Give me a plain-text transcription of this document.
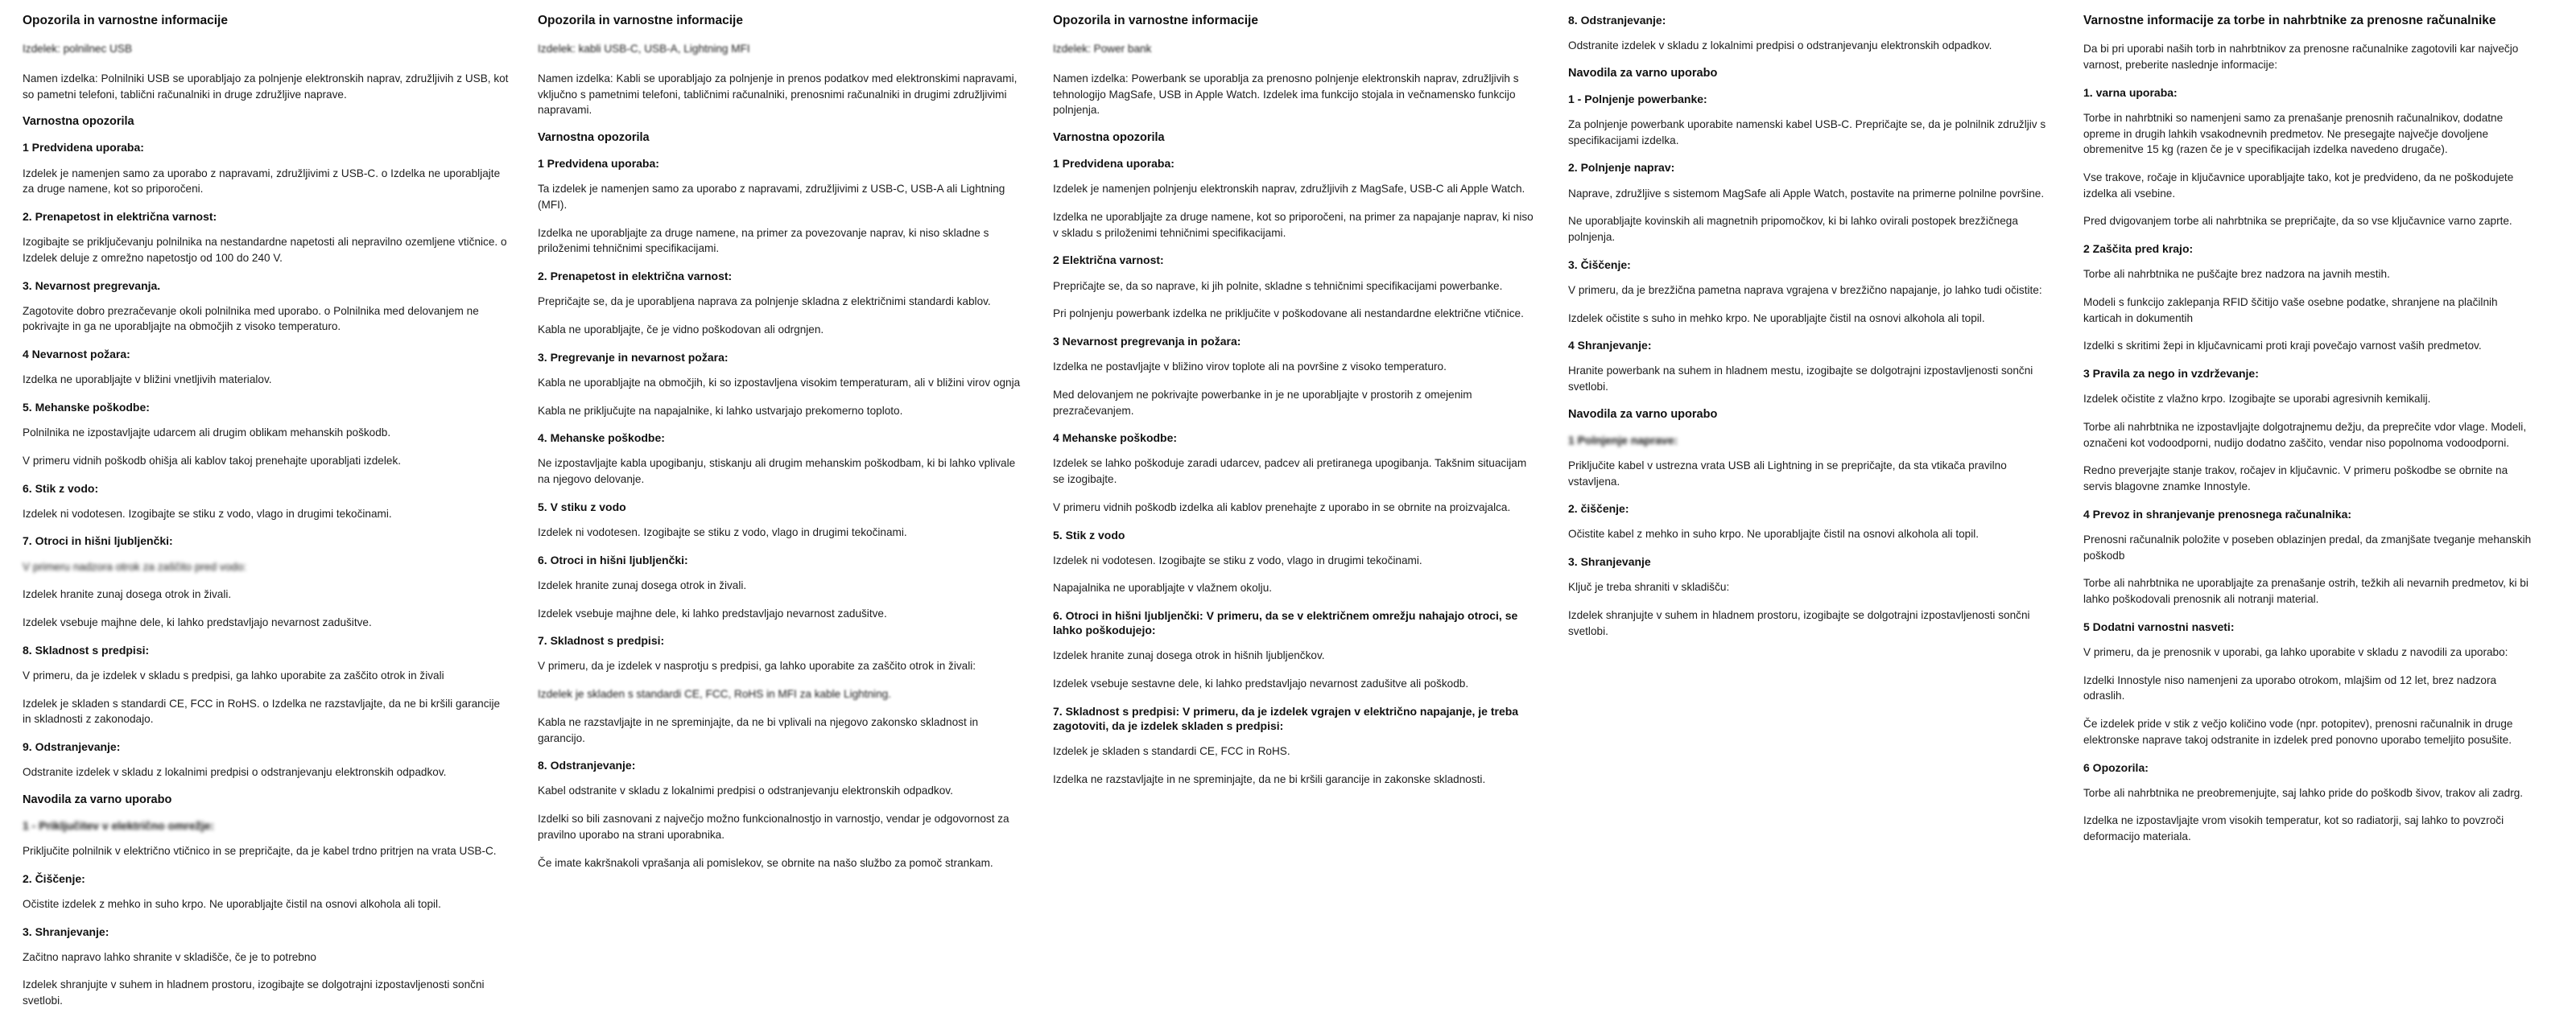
Opozorila in varnostne informacije

Izdelek: polnilnec USB

Namen izdelka: Polnilniki USB se uporabljajo za polnjenje elektronskih naprav, združljivih z USB, kot so pametni telefoni, tablični računalniki in druge združljive naprave.

Varnostna opozorila
1 Predvidena uporaba:

Izdelek je namenjen samo za uporabo z napravami, združljivimi z USB-C. o Izdelka ne uporabljajte za druge namene, kot so priporočeni.

2. Prenapetost in električna varnost:

Izogibajte se priključevanju polnilnika na nestandardne napetosti ali nepravilno ozemljene vtičnice. o Izdelek deluje z omrežno napetostjo od 100 do 240 V.

3. Nevarnost pregrevanja.

Zagotovite dobro prezračevanje okoli polnilnika med uporabo. o Polnilnika med delovanjem ne pokrivajte in ga ne uporabljajte na območjih z visoko temperaturo.

4 Nevarnost požara:

Izdelka ne uporabljajte v bližini vnetljivih materialov.

5. Mehanske poškodbe:

Polnilnika ne izpostavljajte udarcem ali drugim oblikam mehanskih poškodb.

V primeru vidnih poškodb ohišja ali kablov takoj prenehajte uporabljati izdelek.

6. Stik z vodo:

Izdelek ni vodotesen. Izogibajte se stiku z vodo, vlago in drugimi tekočinami.

7. Otroci in hišni ljubljenčki:

V primeru nadzora otrok za zaščito pred vodo:

Izdelek hranite zunaj dosega otrok in živali.

Izdelek vsebuje majhne dele, ki lahko predstavljajo nevarnost zadušitve.

8. Skladnost s predpisi:

V primeru, da je izdelek v skladu s predpisi, ga lahko uporabite za zaščito otrok in živali

Izdelek je skladen s standardi CE, FCC in RoHS. o Izdelka ne razstavljajte, da ne bi kršili garancije in skladnosti z zakonodajo.

9. Odstranjevanje:

Odstranite izdelek v skladu z lokalnimi predpisi o odstranjevanju elektronskih odpadkov.

Navodila za varno uporabo
1 - Priključitev v električno omrežje:

Priključite polnilnik v električno vtičnico in se prepričajte, da je kabel trdno pritrjen na vrata USB-C.

2. Čiščenje:

Očistite izdelek z mehko in suho krpo. Ne uporabljajte čistil na osnovi alkohola ali topil.

3. Shranjevanje:

Začitno napravo lahko shranite v skladišče, če je to potrebno

Izdelek shranjujte v suhem in hladnem prostoru, izogibajte se dolgotrajni izpostavljenosti sončni svetlobi.

Opozorila in varnostne informacije

Izdelek: kabli USB-C, USB-A, Lightning MFI

Namen izdelka: Kabli se uporabljajo za polnjenje in prenos podatkov med elektronskimi napravami, vključno s pametnimi telefoni, tabličnimi računalniki, prenosnimi računalniki in drugimi združljivimi napravami.

Varnostna opozorila
1 Predvidena uporaba:

Ta izdelek je namenjen samo za uporabo z napravami, združljivimi z USB-C, USB-A ali Lightning (MFI).

Izdelka ne uporabljajte za druge namene, na primer za povezovanje naprav, ki niso skladne s priloženimi tehničnimi specifikacijami.

2. Prenapetost in električna varnost:

Prepričajte se, da je uporabljena naprava za polnjenje skladna z električnimi standardi kablov.

Kabla ne uporabljajte, če je vidno poškodovan ali odrgnjen.

3. Pregrevanje in nevarnost požara:

Kabla ne uporabljajte na območjih, ki so izpostavljena visokim temperaturam, ali v bližini virov ognja

Kabla ne priključujte na napajalnike, ki lahko ustvarjajo prekomerno toploto.

4. Mehanske poškodbe:

Ne izpostavljajte kabla upogibanju, stiskanju ali drugim mehanskim poškodbam, ki bi lahko vplivale na njegovo delovanje.

5. V stiku z vodo

Izdelek ni vodotesen. Izogibajte se stiku z vodo, vlago in drugimi tekočinami.

6. Otroci in hišni ljubljenčki:

Izdelek hranite zunaj dosega otrok in živali.

Izdelek vsebuje majhne dele, ki lahko predstavljajo nevarnost zadušitve.

7. Skladnost s predpisi:

V primeru, da je izdelek v nasprotju s predpisi, ga lahko uporabite za zaščito otrok in živali:

Izdelek je skladen s standardi CE, FCC, RoHS in MFI za kable Lightning.

Kabla ne razstavljajte in ne spreminjajte, da ne bi vplivali na njegovo zakonsko skladnost in garancijo.

8. Odstranjevanje:

Kabel odstranite v skladu z lokalnimi predpisi o odstranjevanju elektronskih odpadkov.

Izdelki so bili zasnovani z največjo možno funkcionalnostjo in varnostjo, vendar je odgovornost za pravilno uporabo na strani uporabnika.

Če imate kakršnakoli vprašanja ali pomislekov, se obrnite na našo službo za pomoč strankam.

Opozorila in varnostne informacije

Izdelek: Power bank

Namen izdelka: Powerbank se uporablja za prenosno polnjenje elektronskih naprav, združljivih s tehnologijo MagSafe, USB in Apple Watch. Izdelek ima funkcijo stojala in večnamensko funkcijo polnjenja.

Varnostna opozorila
1 Predvidena uporaba:

Izdelek je namenjen polnjenju elektronskih naprav, združljivih z MagSafe, USB-C ali Apple Watch.

Izdelka ne uporabljajte za druge namene, kot so priporočeni, na primer za napajanje naprav, ki niso v skladu s priloženimi tehničnimi specifikacijami.

2 Električna varnost:

Prepričajte se, da so naprave, ki jih polnite, skladne s tehničnimi specifikacijami powerbanke.

Pri polnjenju powerbank izdelka ne priključite v poškodovane ali nestandardne električne vtičnice.

3 Nevarnost pregrevanja in požara:

Izdelka ne postavljajte v bližino virov toplote ali na površine z visoko temperaturo.

Med delovanjem ne pokrivajte powerbanke in je ne uporabljajte v prostorih z omejenim prezračevanjem.

4 Mehanske poškodbe:

Izdelek se lahko poškoduje zaradi udarcev, padcev ali pretiranega upogibanja. Takšnim situacijam se izogibajte.

V primeru vidnih poškodb izdelka ali kablov prenehajte z uporabo in se obrnite na proizvajalca.

5. Stik z vodo

Izdelek ni vodotesen. Izogibajte se stiku z vodo, vlago in drugimi tekočinami.

Napajalnika ne uporabljajte v vlažnem okolju.

6. Otroci in hišni ljubljenčki: V primeru, da se v električnem omrežju nahajajo otroci, se lahko poškodujejo:

Izdelek hranite zunaj dosega otrok in hišnih ljubljenčkov.

Izdelek vsebuje sestavne dele, ki lahko predstavljajo nevarnost zadušitve ali poškodb.

7. Skladnost s predpisi: V primeru, da je izdelek vgrajen v električno napajanje, je treba zagotoviti, da je izdelek skladen s predpisi:

Izdelek je skladen s standardi CE, FCC in RoHS.

Izdelka ne razstavljajte in ne spreminjajte, da ne bi kršili garancije in zakonske skladnosti.

8. Odstranjevanje:

Odstranite izdelek v skladu z lokalnimi predpisi o odstranjevanju elektronskih odpadkov.

Navodila za varno uporabo
1 - Polnjenje powerbanke:

Za polnjenje powerbank uporabite namenski kabel USB-C. Prepričajte se, da je polnilnik združljiv s specifikacijami izdelka.

2. Polnjenje naprav:

Naprave, združljive s sistemom MagSafe ali Apple Watch, postavite na primerne polnilne površine.

Ne uporabljajte kovinskih ali magnetnih pripomočkov, ki bi lahko ovirali postopek brezžičnega polnjenja.

3. Čiščenje:

V primeru, da je brezžična pametna naprava vgrajena v brezžično napajanje, jo lahko tudi očistite:

Izdelek očistite s suho in mehko krpo. Ne uporabljajte čistil na osnovi alkohola ali topil.

4 Shranjevanje:

Hranite powerbank na suhem in hladnem mestu, izogibajte se dolgotrajni izpostavljenosti sončni svetlobi.

Navodila za varno uporabo
1 Polnjenje naprave:

Priključite kabel v ustrezna vrata USB ali Lightning in se prepričajte, da sta vtikača pravilno vstavljena.

2. čiščenje:

Očistite kabel z mehko in suho krpo. Ne uporabljajte čistil na osnovi alkohola ali topil.

3. Shranjevanje

Ključ je treba shraniti v skladišču:

Izdelek shranjujte v suhem in hladnem prostoru, izogibajte se dolgotrajni izpostavljenosti sončni svetlobi.

Varnostne informacije za torbe in nahrbtnike za prenosne računalnike

Da bi pri uporabi naših torb in nahrbtnikov za prenosne računalnike zagotovili kar največjo varnost, preberite naslednje informacije:

1. varna uporaba:

Torbe in nahrbtniki so namenjeni samo za prenašanje prenosnih računalnikov, dodatne opreme in drugih lahkih vsakodnevnih predmetov. Ne presegajte največje dovoljene obremenitve 15 kg (razen če je v specifikacijah izdelka navedeno drugače).

Vse trakove, ročaje in ključavnice uporabljajte tako, kot je predvideno, da ne poškodujete izdelka ali vsebine.

Pred dvigovanjem torbe ali nahrbtnika se prepričajte, da so vse ključavnice varno zaprte.

2 Zaščita pred krajo:

Torbe ali nahrbtnika ne puščajte brez nadzora na javnih mestih.

Modeli s funkcijo zaklepanja RFID ščitijo vaše osebne podatke, shranjene na plačilnih karticah in dokumentih

Izdelki s skritimi žepi in ključavnicami proti kraji povečajo varnost vaših predmetov.

3 Pravila za nego in vzdrževanje:

Izdelek očistite z vlažno krpo. Izogibajte se uporabi agresivnih kemikalij.

Torbe ali nahrbtnika ne izpostavljajte dolgotrajnemu dežju, da preprečite vdor vlage. Modeli, označeni kot vodoodporni, nudijo dodatno zaščito, vendar niso popolnoma vodoodporni.

Redno preverjajte stanje trakov, ročajev in ključavnic. V primeru poškodbe se obrnite na servis blagovne znamke Innostyle.

4 Prevoz in shranjevanje prenosnega računalnika:

Prenosni računalnik položite v poseben oblazinjen predal, da zmanjšate tveganje mehanskih poškodb

Torbe ali nahrbtnika ne uporabljajte za prenašanje ostrih, težkih ali nevarnih predmetov, ki bi lahko poškodovali prenosnik ali notranji material.

5 Dodatni varnostni nasveti:

V primeru, da je prenosnik v uporabi, ga lahko uporabite v skladu z navodili za uporabo:

Izdelki Innostyle niso namenjeni za uporabo otrokom, mlajšim od 12 let, brez nadzora odraslih.

Če izdelek pride v stik z večjo količino vode (npr. potopitev), prenosni računalnik in druge elektronske naprave takoj odstranite in izdelek pred ponovno uporabo temeljito posušite.

6 Opozorila:

Torbe ali nahrbtnika ne preobremenjujte, saj lahko pride do poškodb šivov, trakov ali zadrg.

Izdelka ne izpostavljajte vrom visokih temperatur, kot so radiatorji, saj lahko to povzroči deformacijo materiala.
